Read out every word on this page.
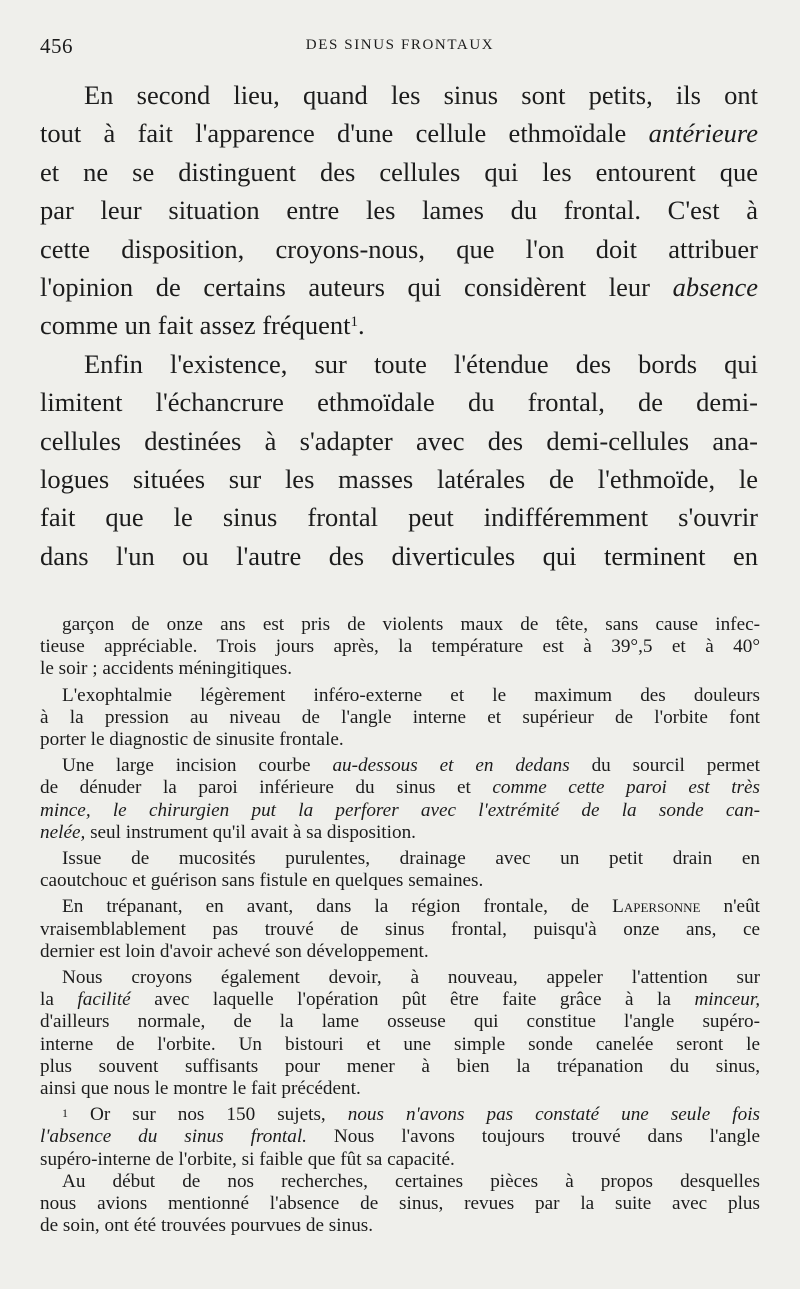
456	DES SINUS FRONTAUX
En second lieu, quand les sinus sont petits, ils ont
tout à fait l'apparence d'une cellule ethmoïdale antérieure
et ne se distinguent des cellules qui les entourent que
par leur situation entre les lames du frontal. C'est à
cette disposition, croyons-nous, que l'on doit attribuer
l'opinion de certains auteurs qui considèrent leur absence
comme un fait assez fréquent$^1$.
Enfin l'existence, sur toute l'étendue des bords qui
limitent l'échancrure ethmoïdale du frontal, de demi-
cellules destinées à s'adapter avec des demi-cellules ana-
logues situées sur les masses latérales de l'ethmoïde, le
fait que le sinus frontal peut indifféremment s'ouvrir
dans l'un ou l'autre des diverticules qui terminent en
garçon de onze ans est pris de violents maux de tête, sans cause infec-
tieuse appréciable. Trois jours après, la température est à 39°,5 et à 40°
le soir ; accidents méningitiques.
L'exophtalmie légèrement inféro-externe et le maximum des douleurs
à la pression au niveau de l'angle interne et supérieur de l'orbite font
porter le diagnostic de sinusite frontale.
Une large incision courbe au-dessous et en dedans du sourcil permet
de dénuder la paroi inférieure du sinus et comme cette paroi est très
mince, le chirurgien put la perforer avec l'extrémité de la sonde can-
nelée, seul instrument qu'il avait à sa disposition.
Issue de mucosités purulentes, drainage avec un petit drain en
caoutchouc et guérison sans fistule en quelques semaines.
En trépanant, en avant, dans la région frontale, de Lapersonne n'eût
vraisemblablement pas trouvé de sinus frontal, puisqu'à onze ans, ce
dernier est loin d'avoir achevé son développement.
Nous croyons également devoir, à nouveau, appeler l'attention sur
la facilité avec laquelle l'opération pût être faite grâce à la minceur,
d'ailleurs normale, de la lame osseuse qui constitue l'angle supéro-
interne de l'orbite. Un bistouri et une simple sonde canelée seront le
plus souvent suffisants pour mener à bien la trépanation du sinus,
ainsi que nous le montre le fait précédent.
$^1$ Or sur nos 150 sujets, nous n'avons pas constaté une seule fois
l'absence du sinus frontal. Nous l'avons toujours trouvé dans l'angle
supéro-interne de l'orbite, si faible que fût sa capacité.
Au début de nos recherches, certaines pièces à propos desquelles
nous avions mentionné l'absence de sinus, revues par la suite avec plus
de soin, ont été trouvées pourvues de sinus.
